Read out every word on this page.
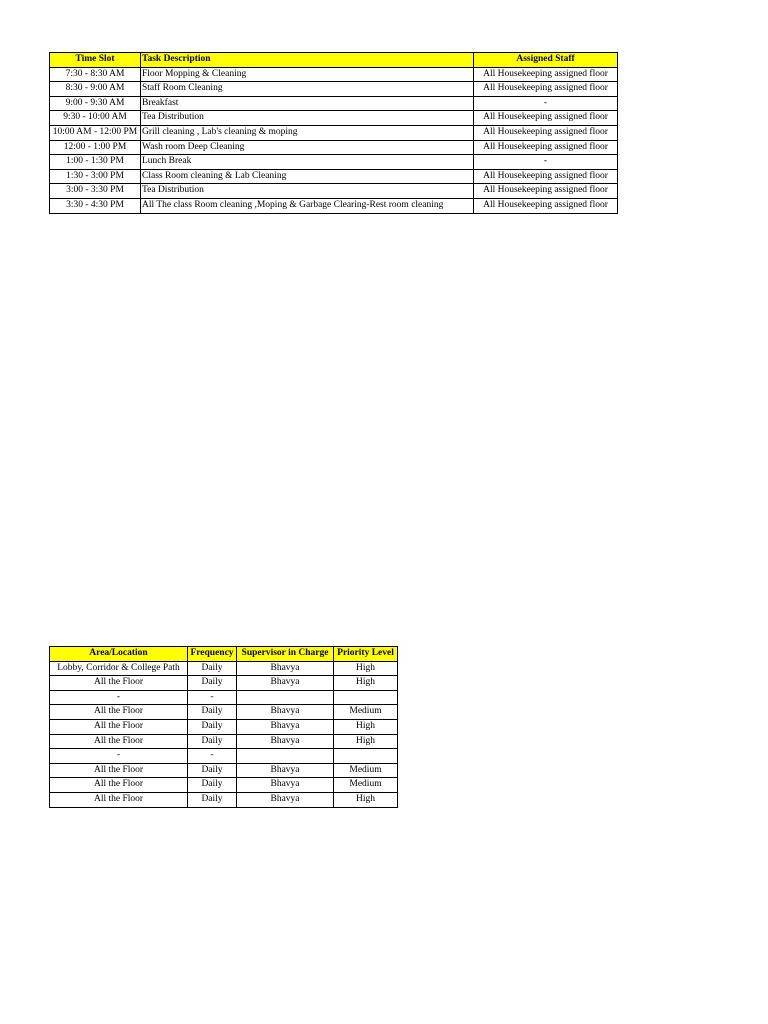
Time Slot	Task Description	Assigned Staff
7:30 - 8:30 AM	Floor Mopping & Cleaning	All Housekeeping assigned floor
8:30 - 9:00 AM	Staff Room Cleaning	All Housekeeping assigned floor
9:00 - 9:30 AM	Breakfast	-
9:30 - 10:00 AM	Tea Distribution	All Housekeeping assigned floor
10:00 AM - 12:00 PM	Grill cleaning , Lab's cleaning & moping	All Housekeeping assigned floor
12:00 - 1:00 PM	Wash room Deep Cleaning	All Housekeeping assigned floor
1:00 - 1:30 PM	Lunch Break	-
1:30 - 3:00 PM	Class Room cleaning & Lab Cleaning	All Housekeeping assigned floor
3:00 - 3:30 PM	Tea Distribution	All Housekeeping assigned floor
3:30 - 4:30 PM	All The class Room cleaning ,Moping & Garbage Clearing-Rest room cleaning	All Housekeeping assigned floor
Area/Location	Frequency	Supervisor in Charge	Priority Level
Lobby, Corridor & College Path	Daily	Bhavya	High
All the Floor	Daily	Bhavya	High
-	-		
All the Floor	Daily	Bhavya	Medium
All the Floor	Daily	Bhavya	High
All the Floor	Daily	Bhavya	High
-	-		
All the Floor	Daily	Bhavya	Medium
All the Floor	Daily	Bhavya	Medium
All the Floor	Daily	Bhavya	High
